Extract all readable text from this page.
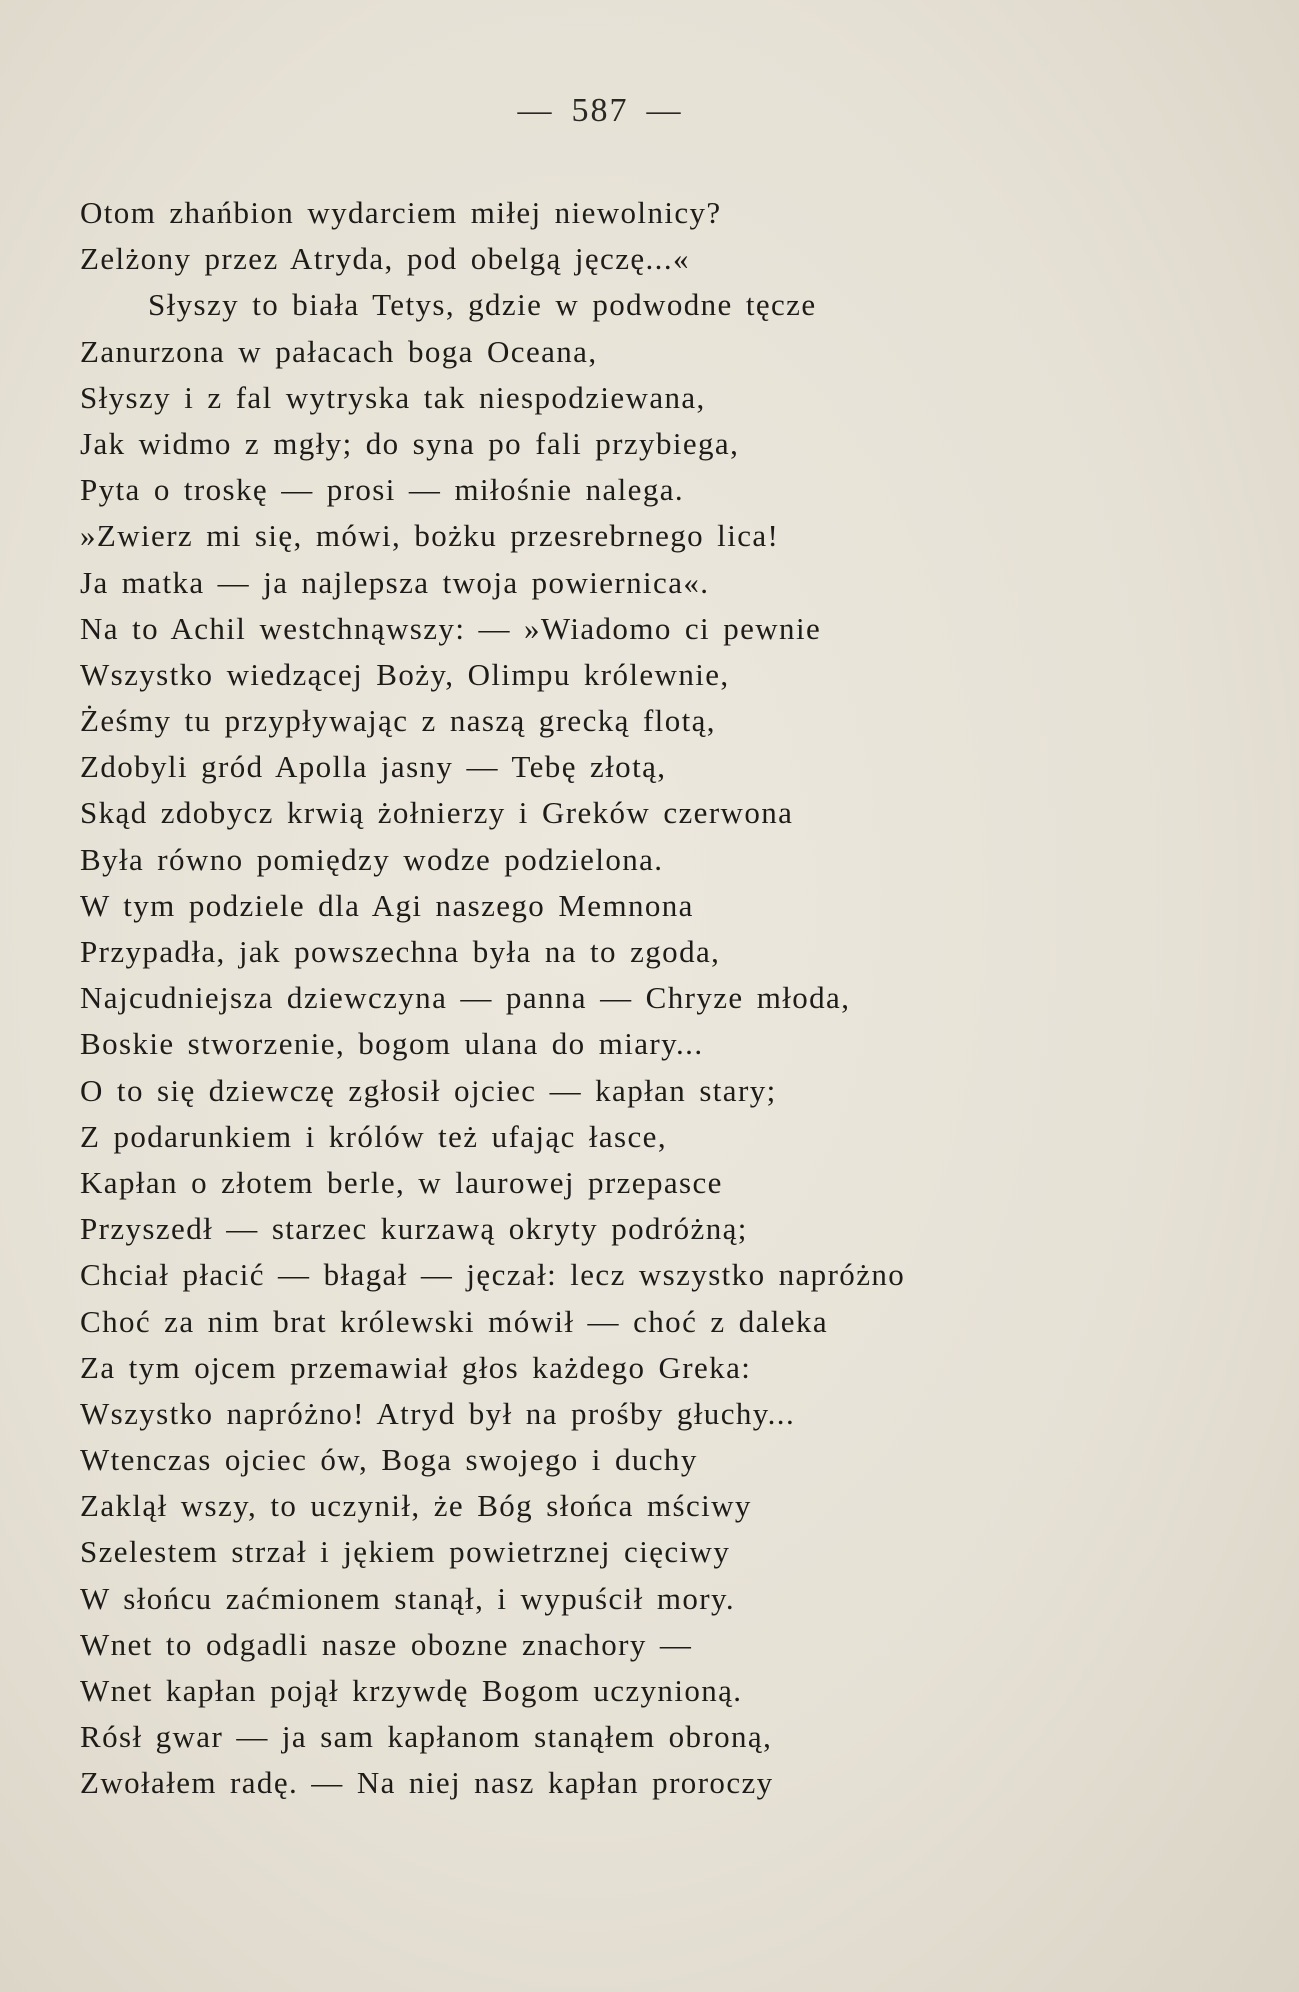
— 587 —
Otom zhańbion wydarciem miłej niewolnicy?
Zelżony przez Atryda, pod obelgą jęczę...«
Słyszy to biała Tetys, gdzie w podwodne tęcze
Zanurzona w pałacach boga Oceana,
Słyszy i z fal wytryska tak niespodziewana,
Jak widmo z mgły; do syna po fali przybiega,
Pyta o troskę — prosi — miłośnie nalega.
»Zwierz mi się, mówi, bożku przesrebrnego lica!
Ja matka — ja najlepsza twoja powiernica«.
Na to Achil westchnąwszy: — »Wiadomo ci pewnie
Wszystko wiedzącej Boży, Olimpu królewnie,
Żeśmy tu przypływając z naszą grecką flotą,
Zdobyli gród Apolla jasny — Tebę złotą,
Skąd zdobycz krwią żołnierzy i Greków czerwona
Była równo pomiędzy wodze podzielona.
W tym podziele dla Agi naszego Memnona
Przypadła, jak powszechna była na to zgoda,
Najcudniejsza dziewczyna — panna — Chryze młoda,
Boskie stworzenie, bogom ulana do miary...
O to się dziewczę zgłosił ojciec — kapłan stary;
Z podarunkiem i królów też ufając łasce,
Kapłan o złotem berle, w laurowej przepasce
Przyszedł — starzec kurzawą okryty podróżną;
Chciał płacić — błagał — jęczał: lecz wszystko napróżno
Choć za nim brat królewski mówił — choć z daleka
Za tym ojcem przemawiał głos każdego Greka:
Wszystko napróżno! Atryd był na prośby głuchy...
Wtenczas ojciec ów, Boga swojego i duchy
Zaklął wszy, to uczynił, że Bóg słońca mściwy
Szelestem strzał i jękiem powietrznej cięciwy
W słońcu zaćmionem stanął, i wypuścił mory.
Wnet to odgadli nasze obozne znachory —
Wnet kapłan pojął krzywdę Bogom uczynioną.
Rósł gwar — ja sam kapłanom stanąłem obroną,
Zwołałem radę. — Na niej nasz kapłan proroczy
